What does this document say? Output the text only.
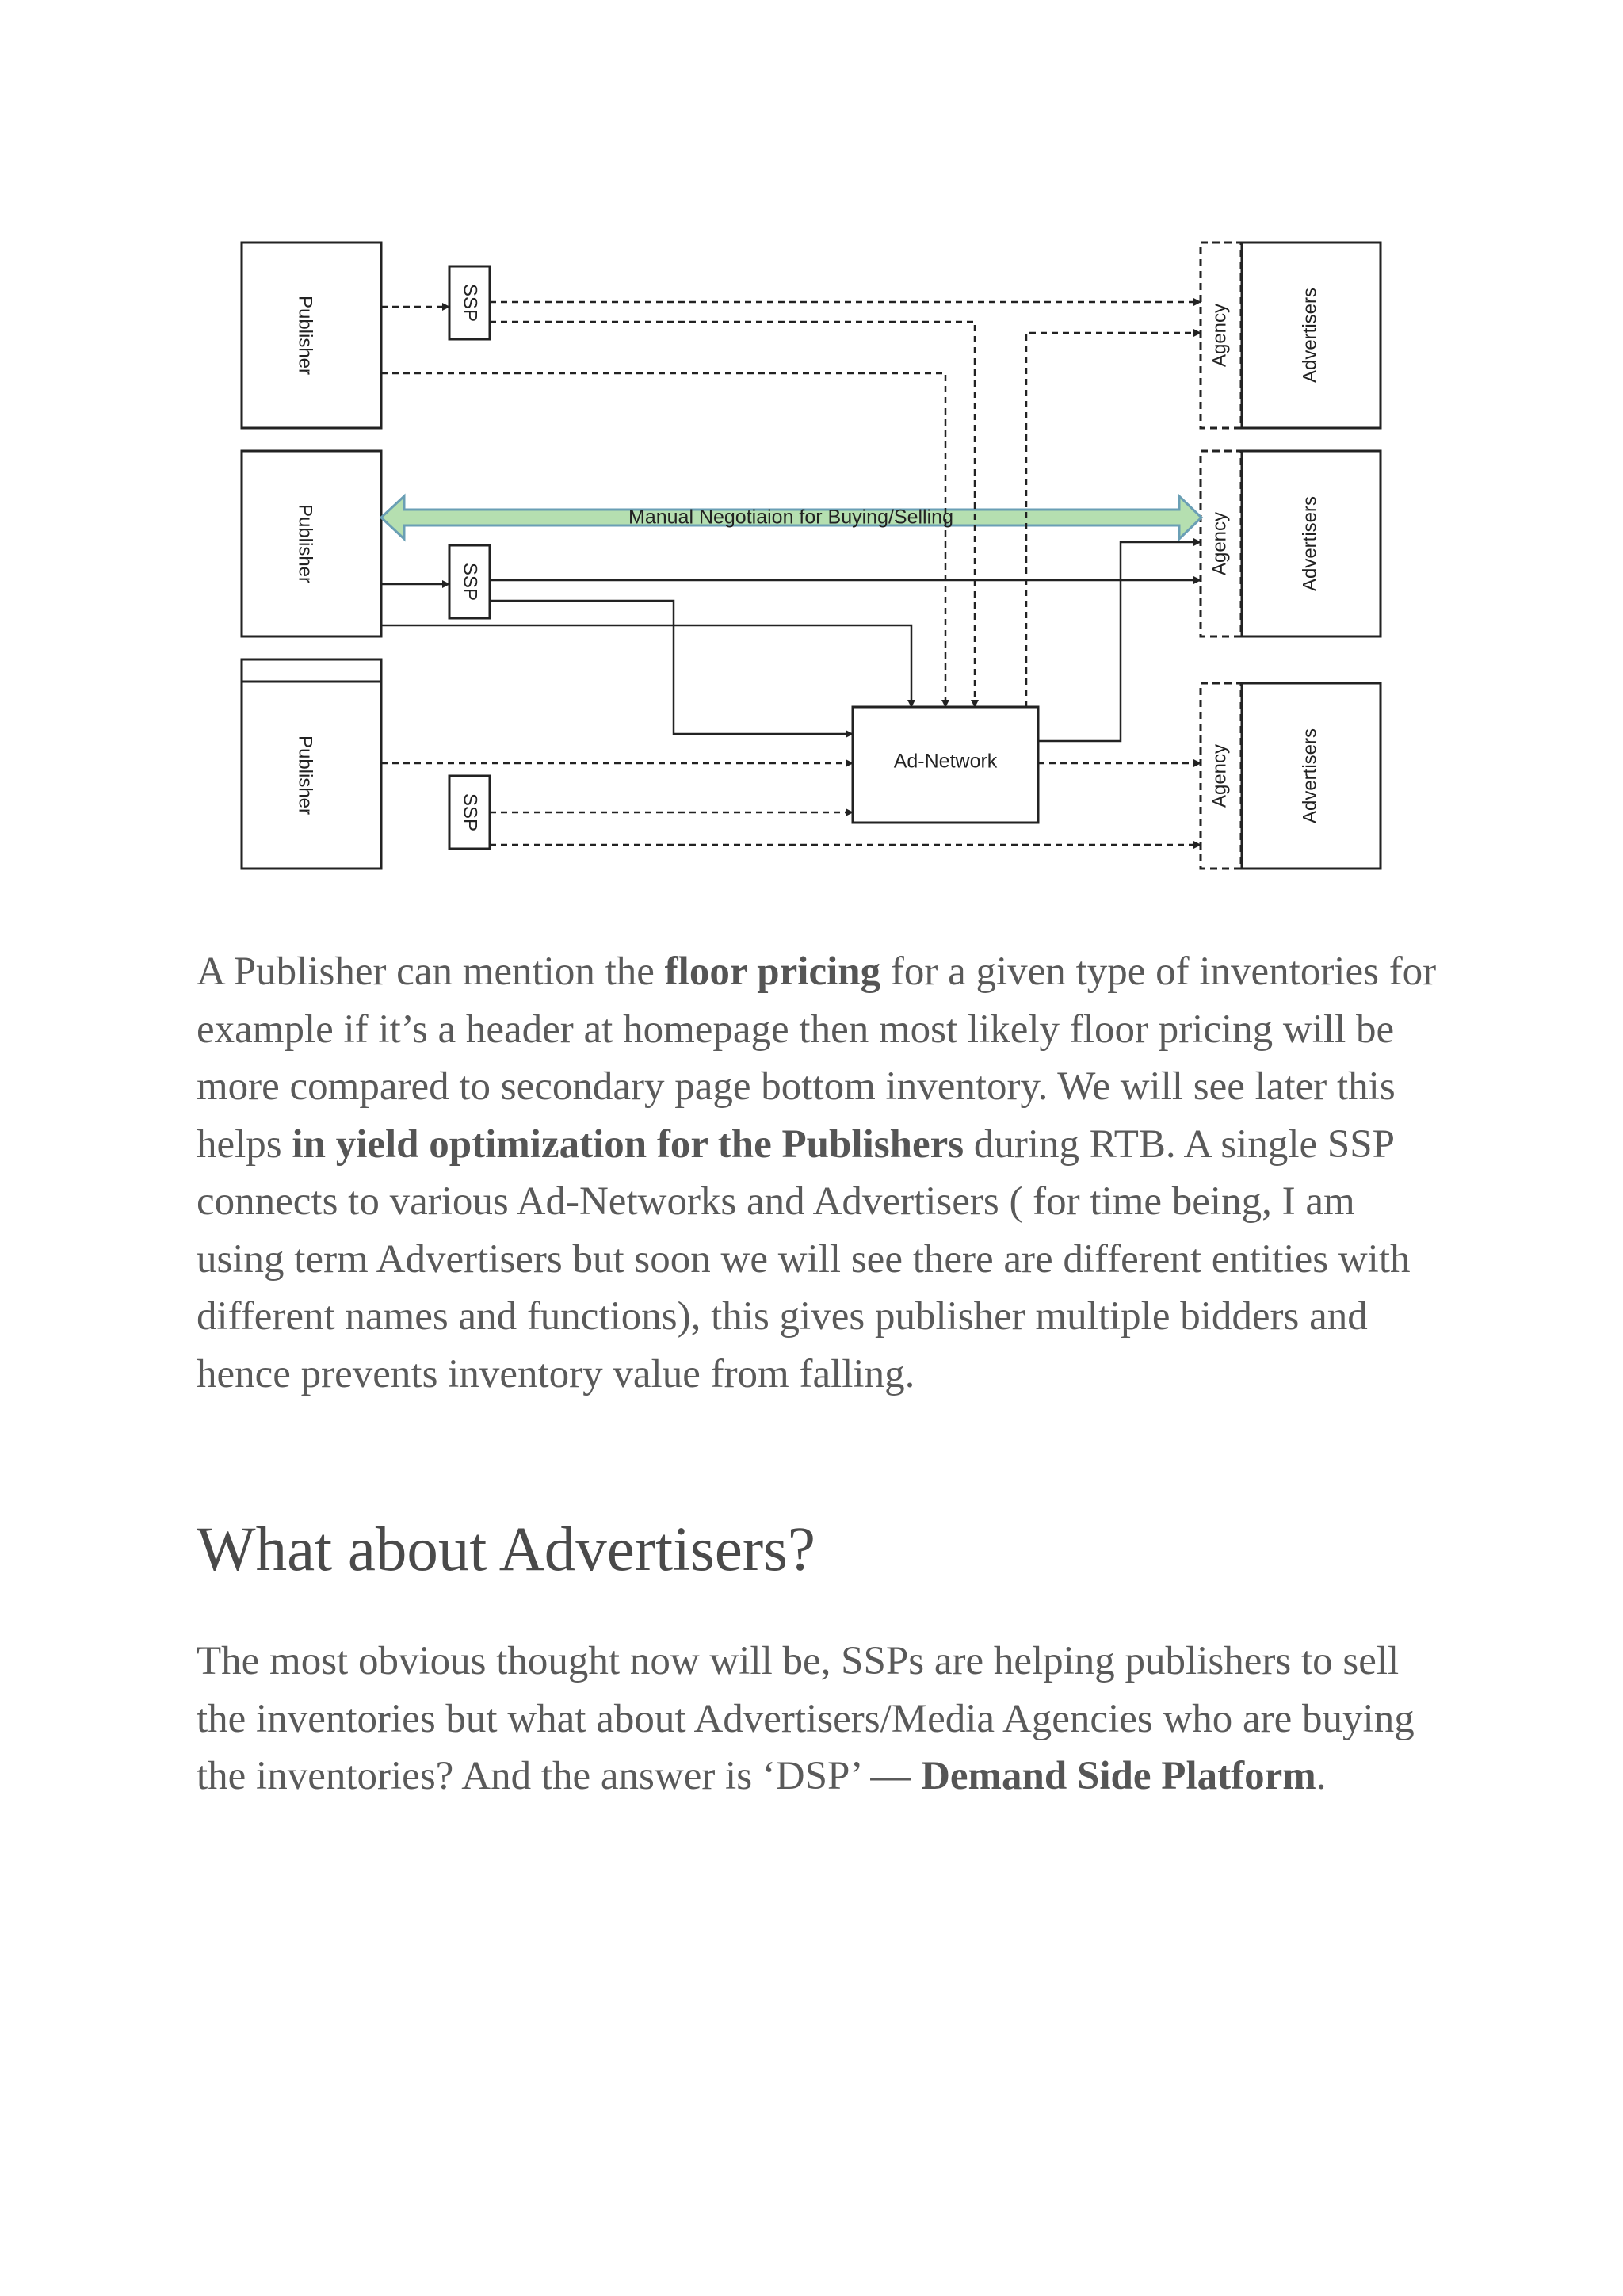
Publisher
Publisher
Publisher
SSP
SSP
SSP
Agency
Agency
Agency
Advertisers
Advertisers
Advertisers
Ad-Network
Manual Negotiaion for Buying/Selling

A Publisher can mention the floor pricing for a given type of inventories for example if it’s a header at homepage then most likely floor pricing will be more compared to secondary page bottom inventory. We will see later this helps in yield optimization for the Publishers during RTB. A single SSP connects to various Ad-Networks and Advertisers ( for time being, I am using term Advertisers but soon we will see there are different entities with different names and functions), this gives publisher multiple bidders and hence prevents inventory value from falling.

What about Advertisers?

The most obvious thought now will be, SSPs are helping publishers to sell the inventories but what about Advertisers/Media Agencies who are buying the inventories? And the answer is ‘DSP’ — Demand Side Platform.
